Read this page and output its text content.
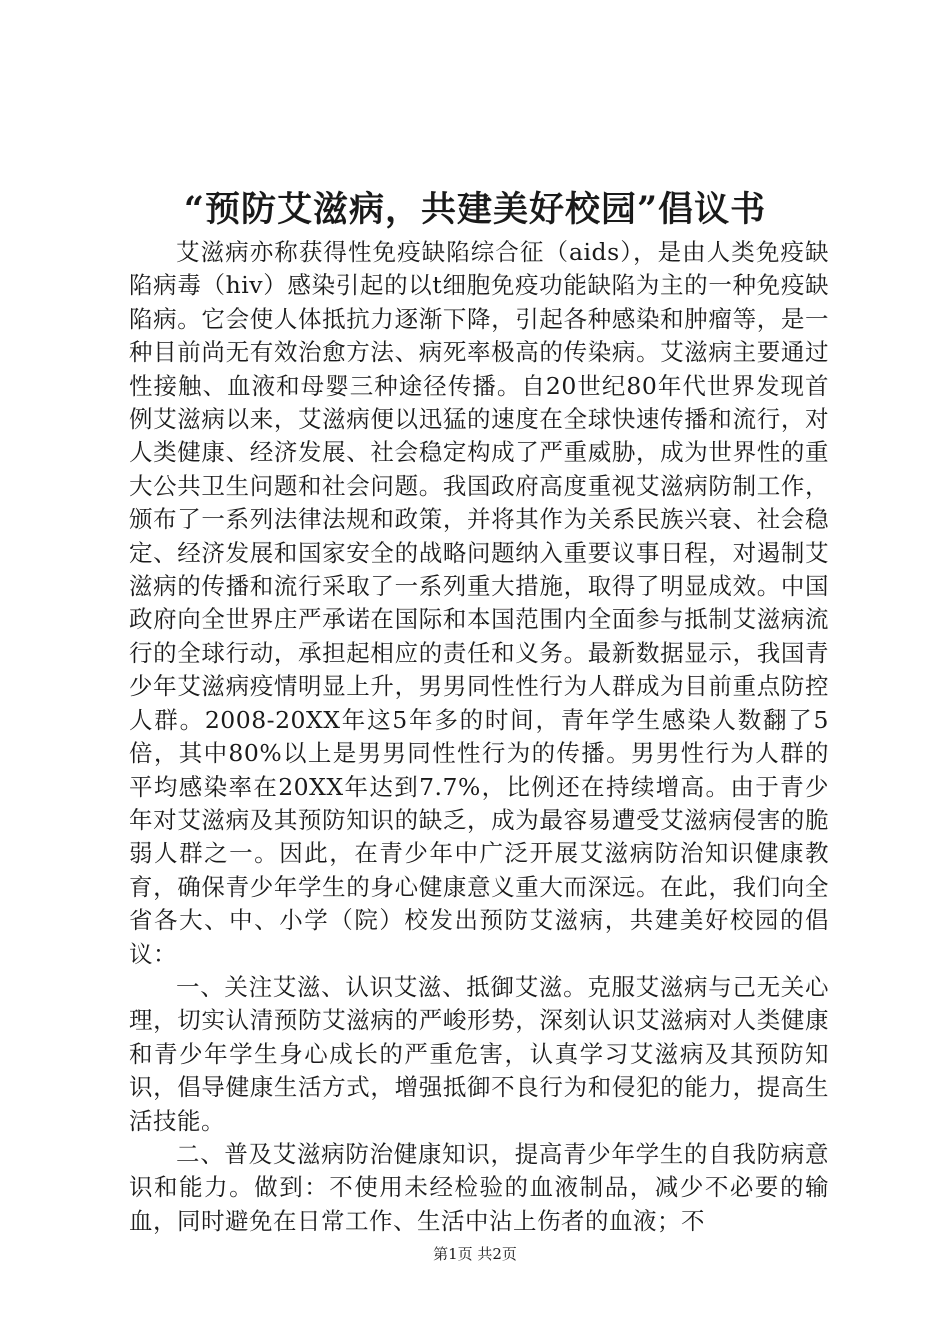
“预防艾滋病，共建美好校园”倡议书

艾滋病亦称获得性免疫缺陷综合征（aids），是由人类免疫缺陷病毒（hiv）感染引起的以t细胞免疫功能缺陷为主的一种免疫缺陷病。它会使人体抵抗力逐渐下降，引起各种感染和肿瘤等，是一种目前尚无有效治愈方法、病死率极高的传染病。艾滋病主要通过性接触、血液和母婴三种途径传播。自20世纪80年代世界发现首例艾滋病以来，艾滋病便以迅猛的速度在全球快速传播和流行，对人类健康、经济发展、社会稳定构成了严重威胁，成为世界性的重大公共卫生问题和社会问题。我国政府高度重视艾滋病防制工作，颁布了一系列法律法规和政策，并将其作为关系民族兴衰、社会稳定、经济发展和国家安全的战略问题纳入重要议事日程，对遏制艾滋病的传播和流行采取了一系列重大措施，取得了明显成效。中国政府向全世界庄严承诺在国际和本国范围内全面参与抵制艾滋病流行的全球行动，承担起相应的责任和义务。最新数据显示，我国青少年艾滋病疫情明显上升，男男同性性行为人群成为目前重点防控人群。2008-20XX年这5年多的时间，青年学生感染人数翻了5倍，其中80%以上是男男同性性行为的传播。男男性行为人群的平均感染率在20XX年达到7.7%，比例还在持续增高。由于青少年对艾滋病及其预防知识的缺乏，成为最容易遭受艾滋病侵害的脆弱人群之一。因此，在青少年中广泛开展艾滋病防治知识健康教育，确保青少年学生的身心健康意义重大而深远。在此，我们向全省各大、中、小学（院）校发出预防艾滋病，共建美好校园的倡议：

一、关注艾滋、认识艾滋、抵御艾滋。克服艾滋病与己无关心理，切实认清预防艾滋病的严峻形势，深刻认识艾滋病对人类健康和青少年学生身心成长的严重危害，认真学习艾滋病及其预防知识，倡导健康生活方式，增强抵御不良行为和侵犯的能力，提高生活技能。

二、普及艾滋病防治健康知识，提高青少年学生的自我防病意识和能力。做到：不使用未经检验的血液制品，减少不必要的输血，同时避免在日常工作、生活中沾上伤者的血液；不

第1页 共2页
